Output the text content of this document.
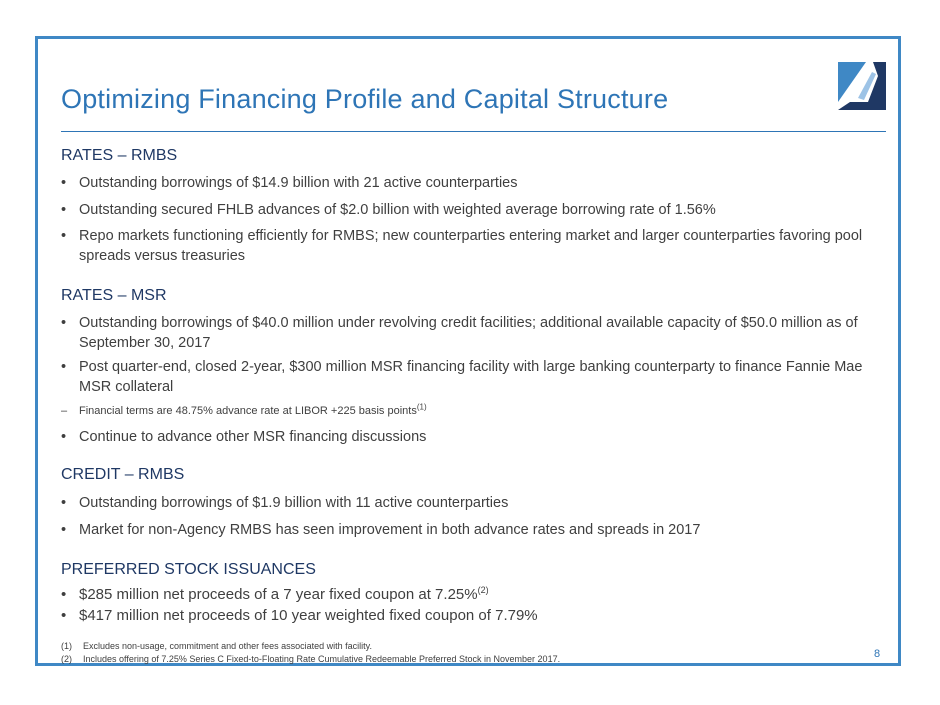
Optimizing Financing Profile and Capital Structure
RATES – RMBS
• Outstanding borrowings of $14.9 billion with 21 active counterparties
• Outstanding secured FHLB advances of $2.0 billion with weighted average borrowing rate of 1.56%
• Repo markets functioning efficiently for RMBS; new counterparties entering market and larger counterparties favoring pool spreads versus treasuries
RATES – MSR
• Outstanding borrowings of $40.0 million under revolving credit facilities; additional available capacity of $50.0 million as of September 30, 2017
• Post quarter-end, closed 2-year, $300 million MSR financing facility with large banking counterparty to finance Fannie Mae MSR collateral
–	Financial terms are 48.75% advance rate at LIBOR +225 basis points$^{(1)}$
• Continue to advance other MSR financing discussions
CREDIT – RMBS
• Outstanding borrowings of $1.9 billion with 11 active counterparties
• Market for non-Agency RMBS has seen improvement in both advance rates and spreads in 2017
PREFERRED STOCK ISSUANCES
• $285 million net proceeds of a 7 year fixed coupon at 7.25%$^{(2)}$
• $417 million net proceeds of 10 year weighted fixed coupon of 7.79%
(1) Excludes non-usage, commitment and other fees associated with facility.
(2) Includes offering of 7.25% Series C Fixed-to-Floating Rate Cumulative Redeemable Preferred Stock in November 2017.	8
